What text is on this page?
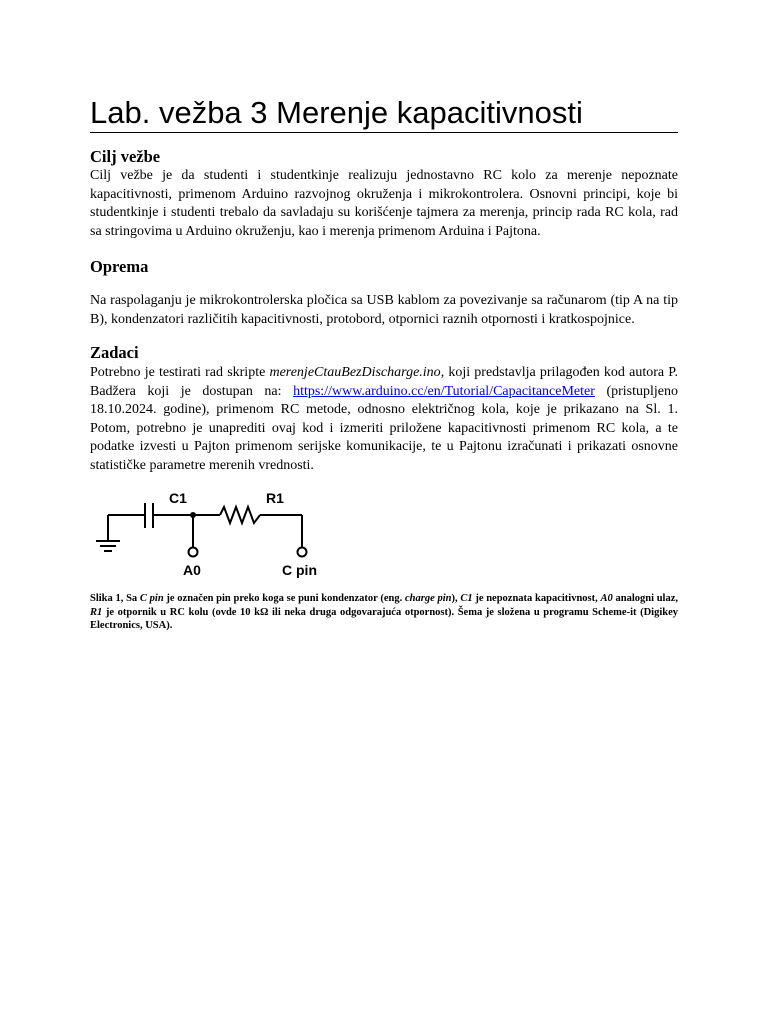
Lab. vežba 3 Merenje kapacitivnosti
Cilj vežbe

Cilj vežbe je da studenti i studentkinje realizuju jednostavno RC kolo za merenje nepoznate kapacitivnosti, primenom Arduino razvojnog okruženja i mikrokontrolera. Osnovni principi, koje bi studentkinje i studenti trebalo da savladaju su korišćenje tajmera za merenja, princip rada RC kola, rad sa stringovima u Arduino okruženju, kao i merenja primenom Arduina i Pajtona.

Oprema

Na raspolaganju je mikrokontrolerska pločica sa USB kablom za povezivanje sa računarom (tip A na tip B), kondenzatori različitih kapacitivnosti, protobord, otpornici raznih otpornosti i kratkospojnice.

Zadaci

Potrebno je testirati rad skripte merenjeCtauBezDischarge.ino, koji predstavlja prilagođen kod autora P. Badžera koji je dostupan na: https://www.arduino.cc/en/Tutorial/CapacitanceMeter (pristupljeno 18.10.2024. godine), primenom RC metode, odnosno električnog kola, koje je prikazano na Sl. 1. Potom, potrebno je unaprediti ovaj kod i izmeriti priložene kapacitivnosti primenom RC kola, a te podatke izvesti u Pajton primenom serijske komunikacije, te u Pajtonu izračunati i prikazati osnovne statističke parametre merenih vrednosti.

C1	R1
A0	C pin

Slika 1, Sa C pin je označen pin preko koga se puni kondenzator (eng. charge pin), C1 je nepoznata kapacitivnost, A0 analogni ulaz, R1 je otpornik u RC kolu (ovde 10 kΩ ili neka druga odgovarajuća otpornost). Šema je složena u programu Scheme-it (Digikey Electronics, USA).
